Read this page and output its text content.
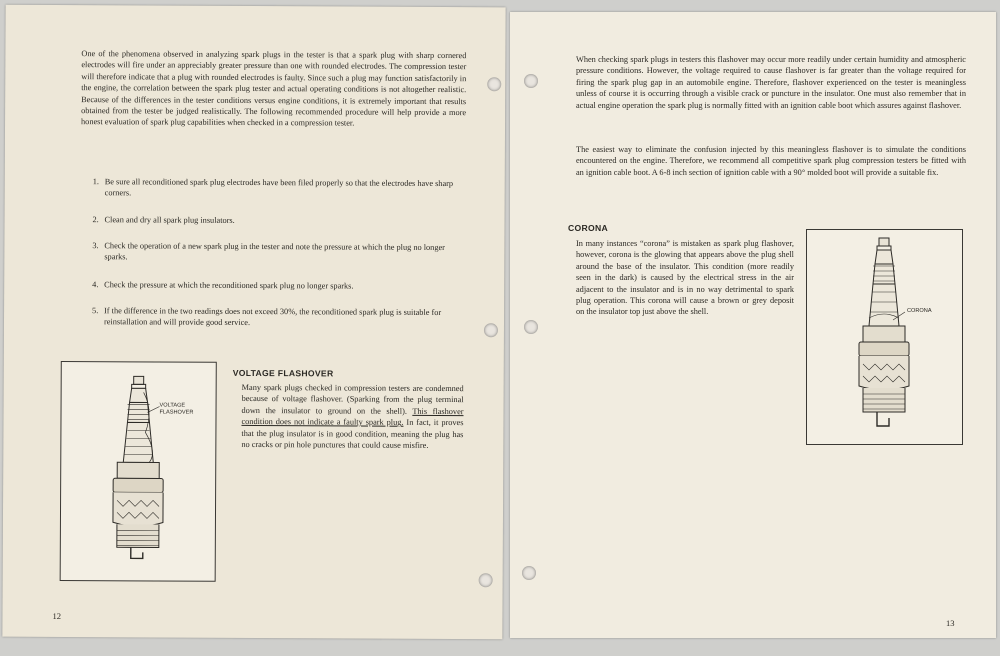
One of the phenomena observed in analyzing spark plugs in the tester is that a spark plug with sharp cornered electrodes will fire under an appreciably greater pressure than one with rounded electrodes. The compression tester will therefore indicate that a plug with rounded electrodes is faulty. Since such a plug may function satisfactorily in the engine, the correlation between the spark plug tester and actual operating conditions is not altogether realistic. Because of the differences in the tester conditions versus engine conditions, it is extremely important that results obtained from the tester be judged realistically. The following recommended procedure will help provide a more honest evaluation of spark plug capabilities when checked in a compression tester.

1. Be sure all reconditioned spark plug electrodes have been filed properly so that the electrodes have sharp corners.
2. Clean and dry all spark plug insulators.
3. Check the operation of a new spark plug in the tester and note the pressure at which the plug no longer sparks.
4. Check the pressure at which the reconditioned spark plug no longer sparks.
5. If the difference in the two readings does not exceed 30%, the reconditioned spark plug is suitable for reinstallation and will provide good service.
VOLTAGE
FLASHOVER
VOLTAGE FLASHOVER

Many spark plugs checked in compression testers are condemned because of voltage flashover. (Sparking from the plug terminal down the insulator to ground on the shell). This flashover condition does not indicate a faulty spark plug. In fact, it proves that the plug insulator is in good condition, meaning the plug has no cracks or pin hole punctures that could cause misfire.

12

When checking spark plugs in testers this flashover may occur more readily under certain humidity and atmospheric pressure conditions. However, the voltage required to cause flashover is far greater than the voltage required for firing the spark plug gap in an automobile engine. Therefore, flashover experienced on the tester is meaningless unless of course it is occurring through a visible crack or puncture in the insulator. One must also remember that in actual engine operation the spark plug is normally fitted with an ignition cable boot which assures against flashover.

The easiest way to eliminate the confusion injected by this meaningless flashover is to simulate the conditions encountered on the engine. Therefore, we recommend all competitive spark plug compression testers be fitted with an ignition cable boot. A 6-8 inch section of ignition cable with a 90° molded boot will provide a suitable fix.

CORONA

In many instances “corona” is mistaken as spark plug flashover, however, corona is the glowing that appears above the plug shell around the base of the insulator. This condition (more readily seen in the dark) is caused by the electrical stress in the air adjacent to the insulator and is in no way detrimental to spark plug operation. This corona will cause a brown or grey deposit on the insulator top just above the shell.	CORONA
13
